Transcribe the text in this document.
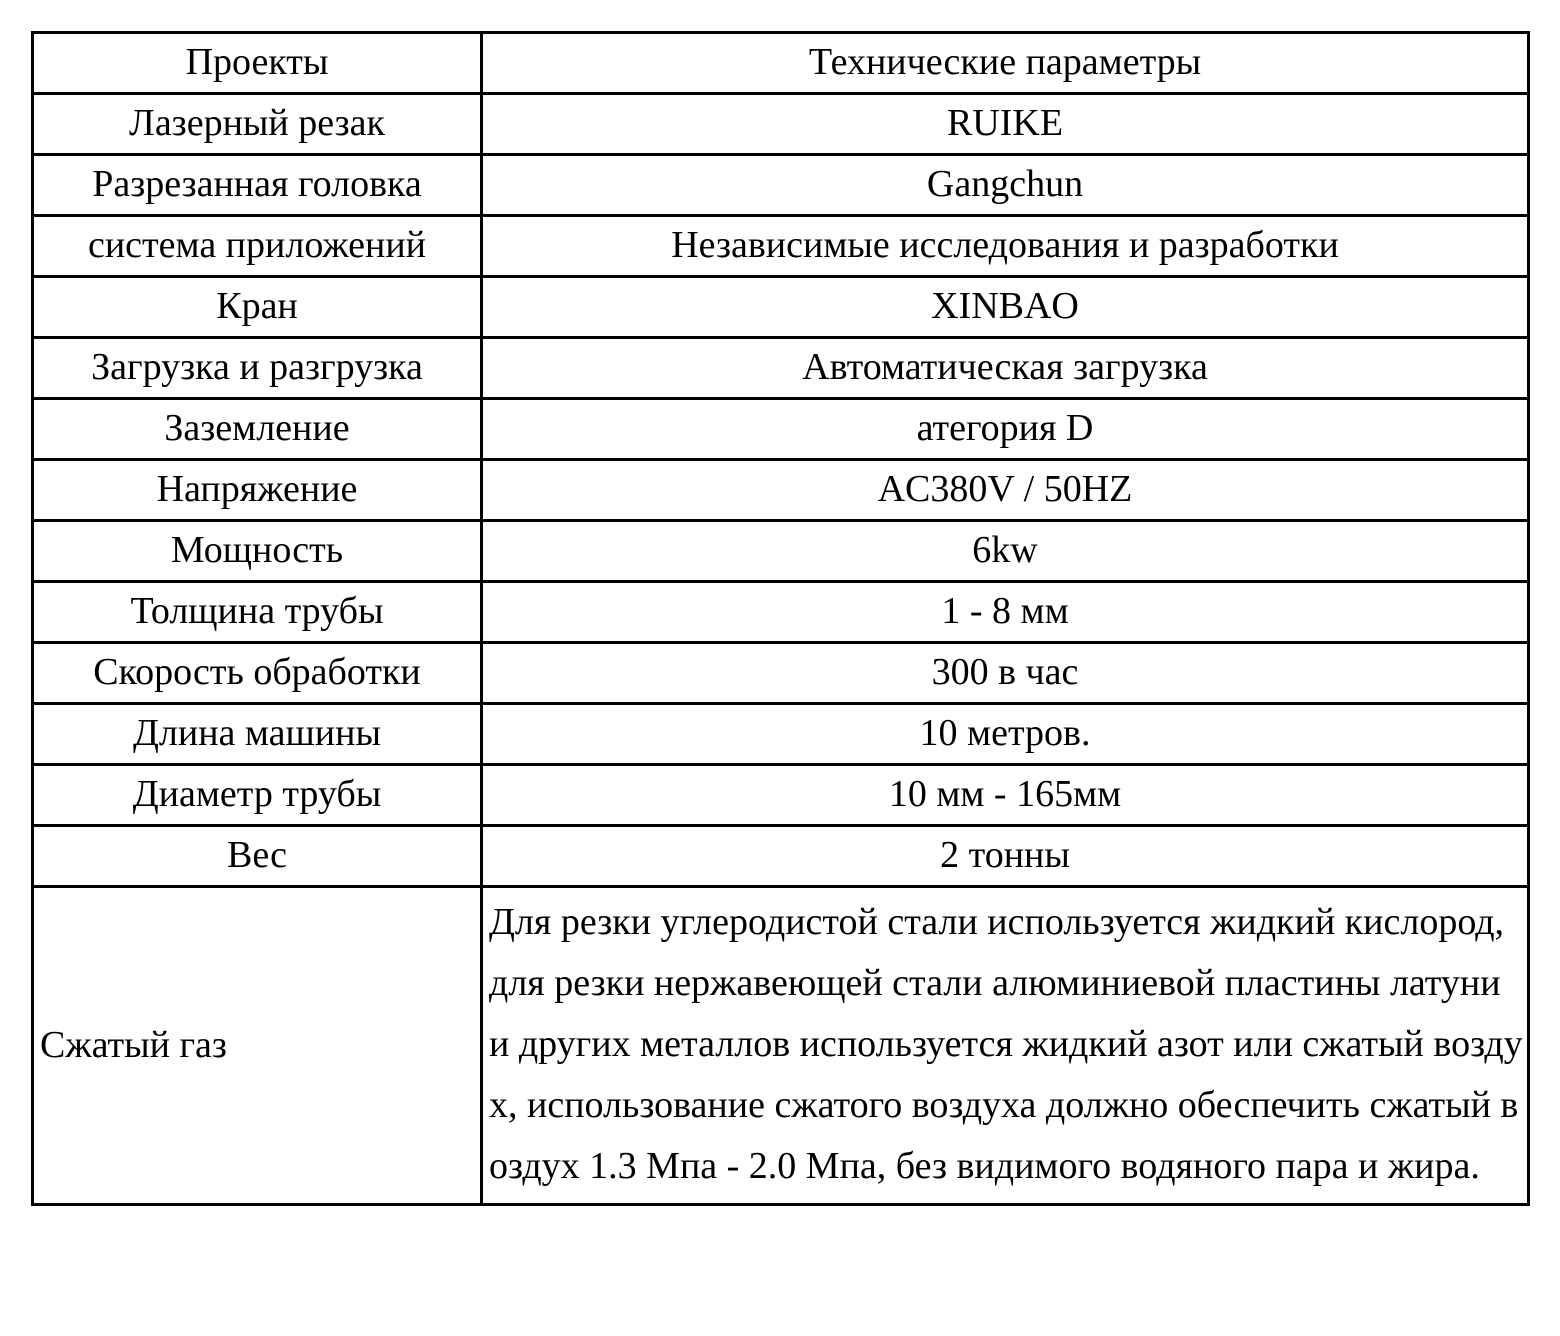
Проекты	Технические параметры
Лазерный резак	RUIKE
Разрезанная головка	Gangchun
система приложений	Независимые исследования и разработки
Кран	XINBAO
Загрузка и разгрузка	Автоматическая загрузка
Заземление	атегория D
Напряжение	AC380V / 50HZ
Мощность	6kw
Толщина трубы	1 - 8 мм
Скорость обработки	300 в час
Длина машины	10 метров.
Диаметр трубы	10 мм - 165мм
Вес	2 тонны
Сжатый газ	Для резки углеродистой стали используется жидкий кислород, для резки нержавеющей стали алюминиевой пластины латуни и других металлов используется жидкий азот или сжатый воздух, использование сжатого воздуха должно обеспечить сжатый воздух 1.3 Мпа - 2.0 Мпа, без видимого водяного пара и жира.
